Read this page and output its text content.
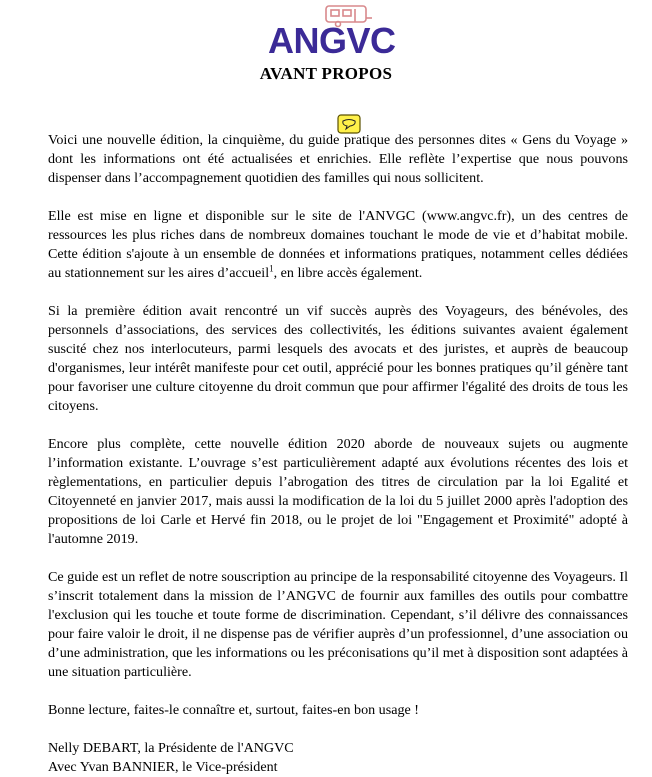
ANGVC
AVANT PROPOS

Voici une nouvelle édition, la cinquième, du guide pratique des personnes dites « Gens du Voyage » dont les informations ont été actualisées et enrichies. Elle reflète l’expertise que nous pouvons dispenser dans l’accompagnement quotidien des familles qui nous sollicitent.

Elle est mise en ligne et disponible sur le site de l'ANVGC (www.angvc.fr), un des centres de ressources les plus riches dans de nombreux domaines touchant le mode de vie et d’habitat mobile. Cette édition s'ajoute à un ensemble de données et informations pratiques, notamment celles dédiées au stationnement sur les aires d’accueil$^1$, en libre accès également.

Si la première édition avait rencontré un vif succès auprès des Voyageurs, des bénévoles, des personnels d’associations, des services des collectivités, les éditions suivantes avaient également suscité chez nos interlocuteurs, parmi lesquels des avocats et des juristes, et auprès de beaucoup d'organismes, leur intérêt manifeste pour cet outil, apprécié pour les bonnes pratiques qu’il génère tant pour favoriser une culture citoyenne du droit commun que pour affirmer l'égalité des droits de tous les citoyens.

Encore plus complète, cette nouvelle édition 2020 aborde de nouveaux sujets ou augmente l’information existante. L’ouvrage s’est particulièrement adapté aux évolutions récentes des lois et règlementations, en particulier depuis l’abrogation des titres de circulation par la loi Egalité et Citoyenneté en janvier 2017, mais aussi la modification de la loi du 5 juillet 2000 après l'adoption des propositions de loi Carle et Hervé fin 2018, ou le projet de loi "Engagement et Proximité" adopté à l'automne 2019.

Ce guide est un reflet de notre souscription au principe de la responsabilité citoyenne des Voyageurs. Il s’inscrit totalement dans la mission de l’ANGVC de fournir aux familles des outils pour combattre l'exclusion qui les touche et toute forme de discrimination. Cependant, s’il délivre des connaissances pour faire valoir le droit, il ne dispense pas de vérifier auprès d’un professionnel, d’une association ou d’une administration, que les informations ou les préconisations qu’il met à disposition sont adaptées à une situation particulière.

Bonne lecture, faites-le connaître et, surtout, faites-en bon usage !

Nelly DEBART, la Présidente de l'ANGVC
Avec Yvan BANNIER, le Vice-président
